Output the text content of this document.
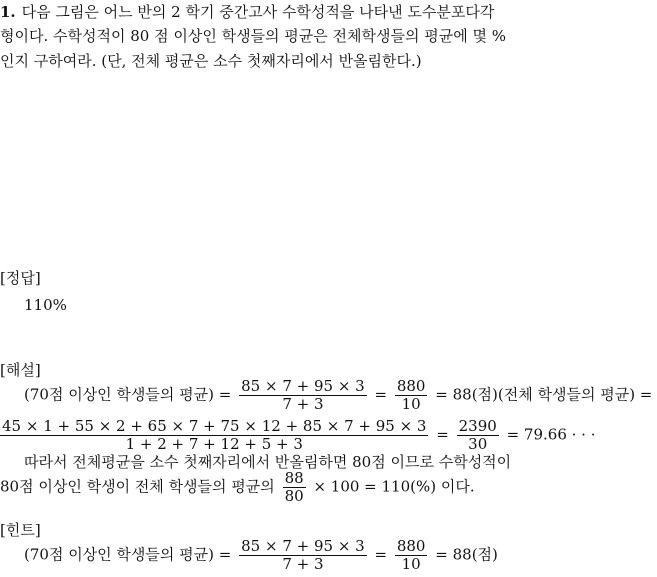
1. 다음 그림은 어느 반의 2 학기 중간고사 수학성적을 나타낸 도수분포다각
형이다. 수학성적이 80 점 이상인 학생들의 평균은 전체학생들의 평균에 몇 %
인지 구하여라. (단, 전체 평균은 소수 첫째자리에서 반올림한다.)
[정답]
110%
[해설]
(70점 이상인 학생들의 평균) = $\frac{85 \times 7 + 95 \times 3}{7 + 3} = \frac{880}{10} = 88$(점)(전체 학생들의 평균) =
$\frac{45 \times 1 + 55 \times 2 + 65 \times 7 + 75 \times 12 + 85 \times 7 + 95 \times 3}{1 + 2 + 7 + 12 + 5 + 3} = \frac{2390}{30} = 79.66$ · · ·
따라서 전체평균을 소수 첫째자리에서 반올림하면 80점 이므로 수학성적이
80점 이상인 학생이 전체 학생들의 평균의 $\frac{88}{80} \times 100 = 110(\%)$ 이다.
[힌트]
(70점 이상인 학생들의 평균) = $\frac{85 \times 7 + 95 \times 3}{7 + 3} = \frac{880}{10} = 88$(점)
